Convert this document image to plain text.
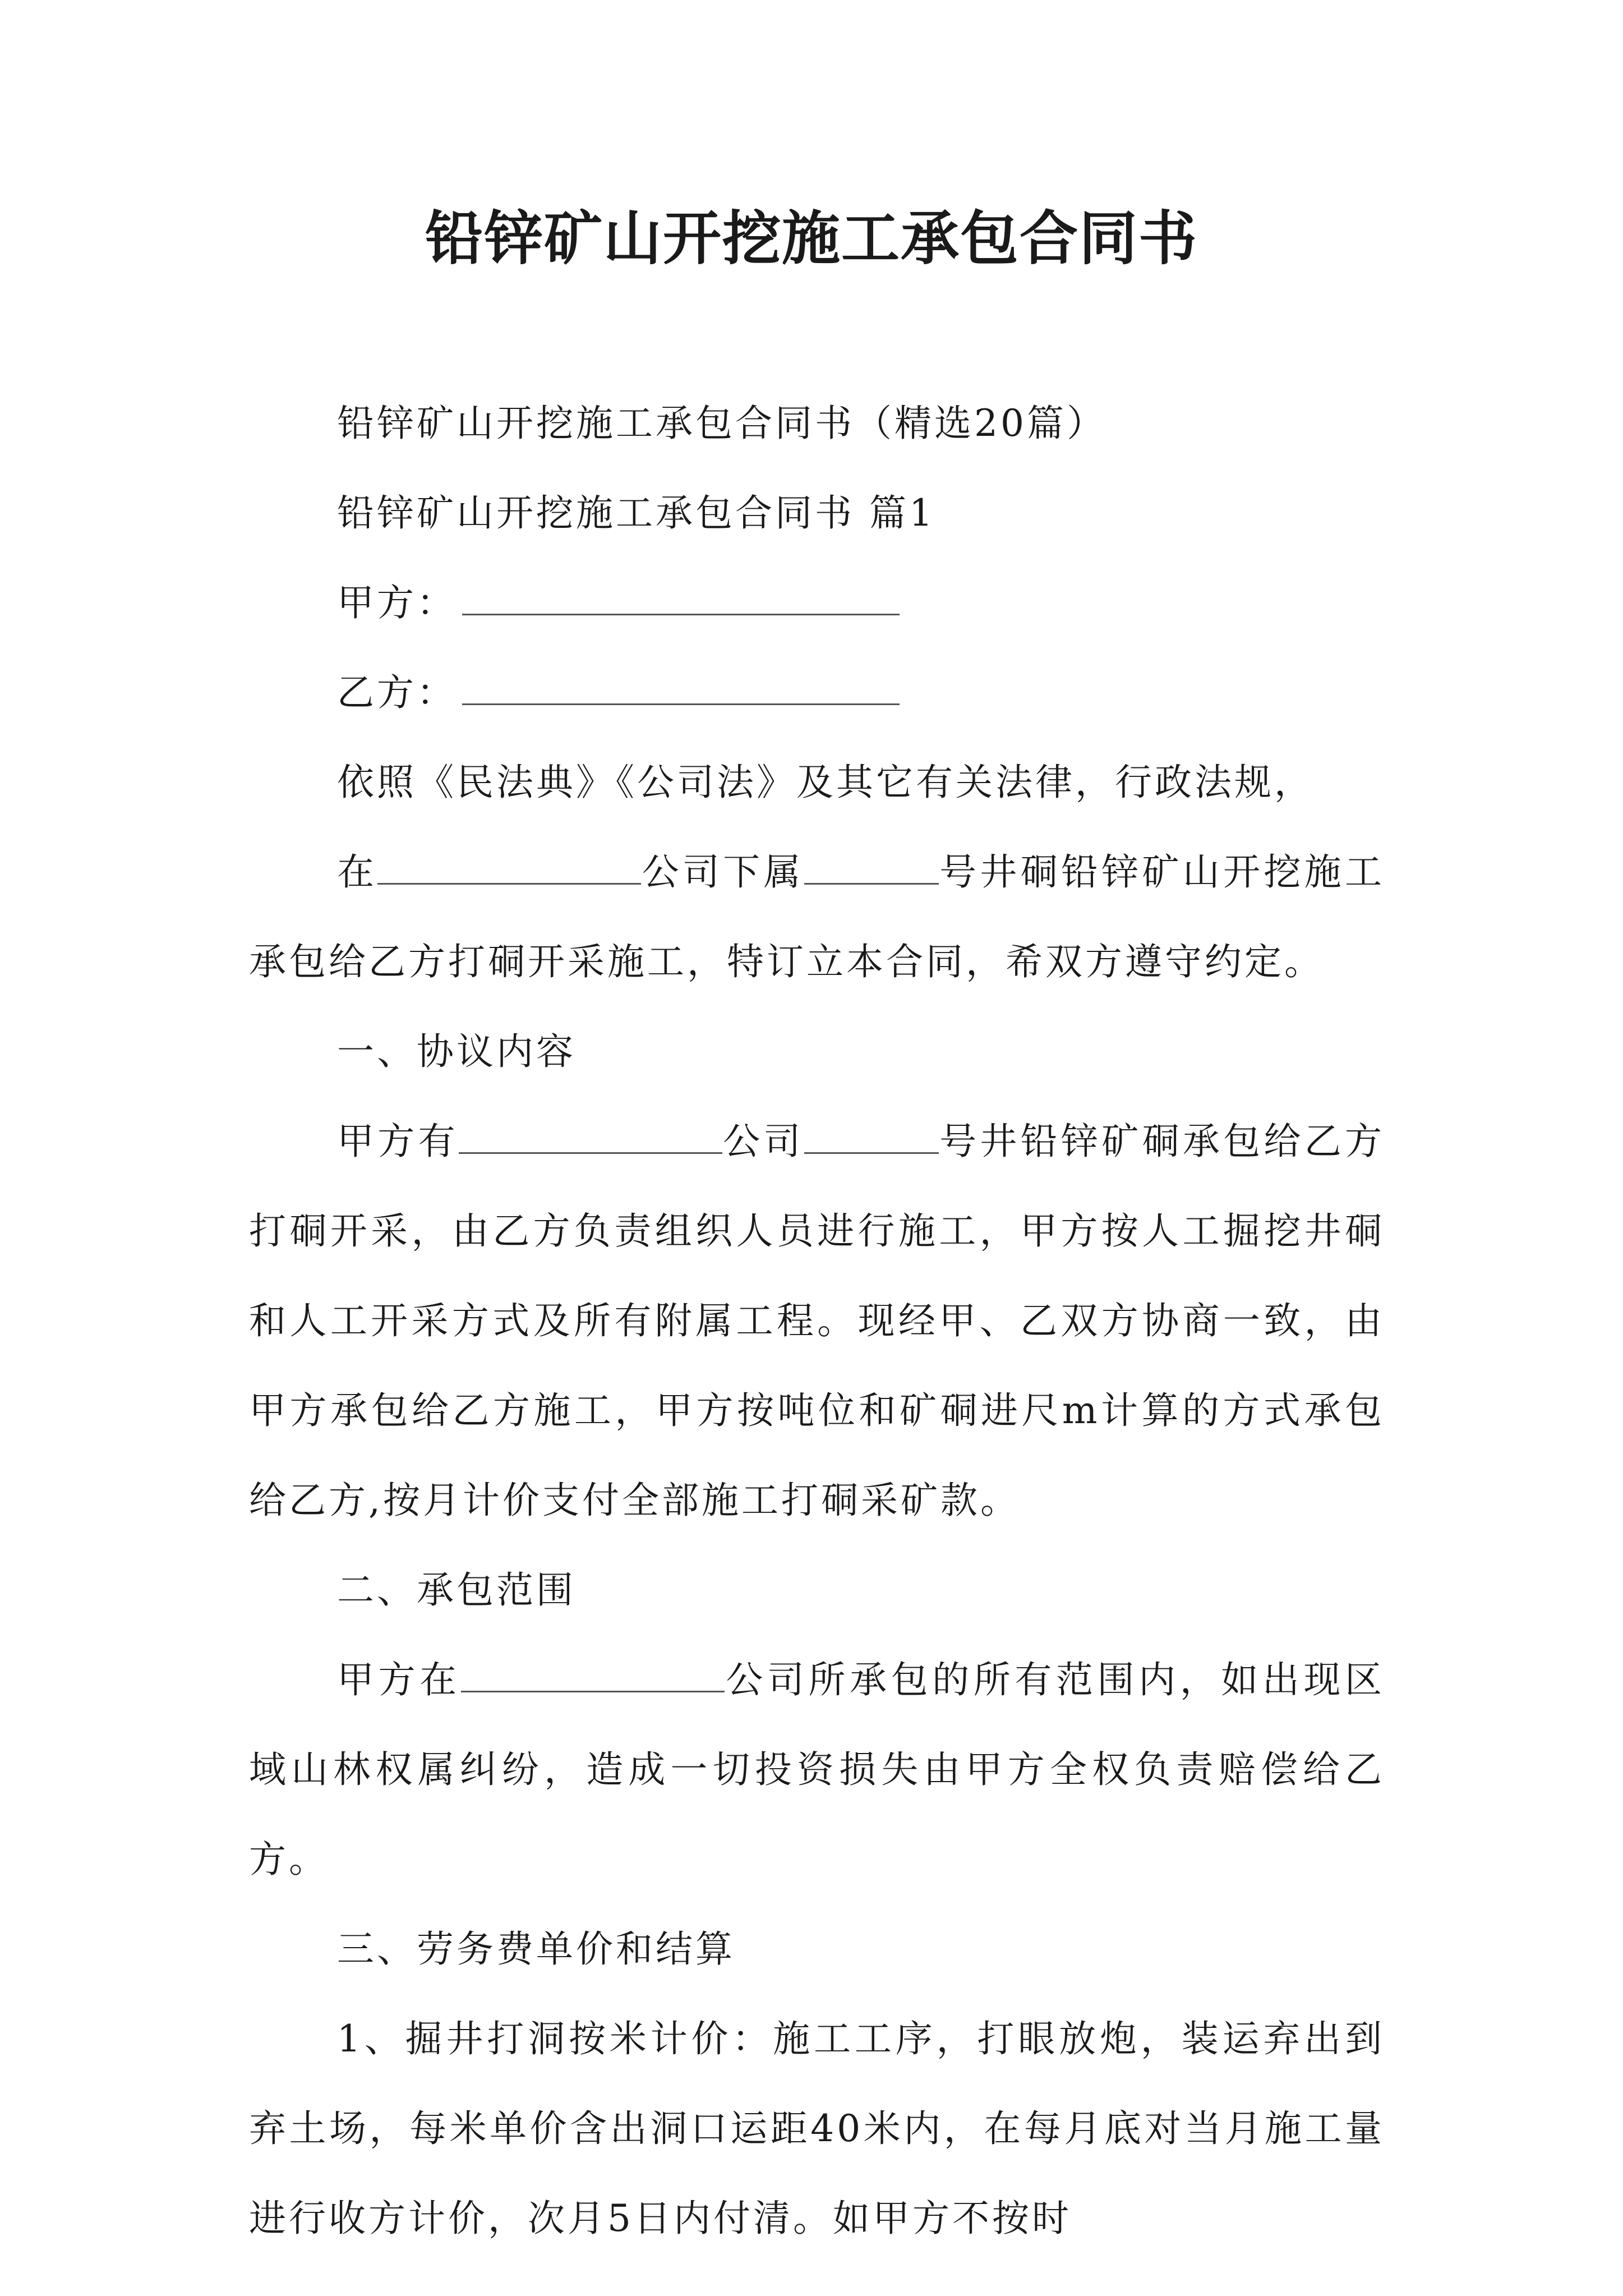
铅锌矿山开挖施工承包合同书

铅锌矿山开挖施工承包合同书（精选20篇）

铅锌矿山开挖施工承包合同书 篇1

甲方：

乙方：

依照《民法典》《公司法》及其它有关法律，行政法规，

在	公司下属	号井硐铅锌矿山开挖施工承包给乙方打硐开采施工，特订立本合同，希双方遵守约定。

一、协议内容

甲方有	公司	号井铅锌矿硐承包给乙方打硐开采，由乙方负责组织人员进行施工，甲方按人工掘挖井硐和人工开采方式及所有附属工程。现经甲、乙双方协商一致，由甲方承包给乙方施工，甲方按吨位和矿硐进尺m计算的方式承包给乙方,按月计价支付全部施工打硐采矿款。

二、承包范围

甲方在	公司所承包的所有范围内，如出现区域山林权属纠纷，造成一切投资损失由甲方全权负责赔偿给乙方。

三、劳务费单价和结算

1、掘井打洞按米计价：施工工序，打眼放炮，装运弃出到弃土场，每米单价含出洞口运距40米内，在每月底对当月施工量进行收方计价，次月5日内付清。如甲方不按时
